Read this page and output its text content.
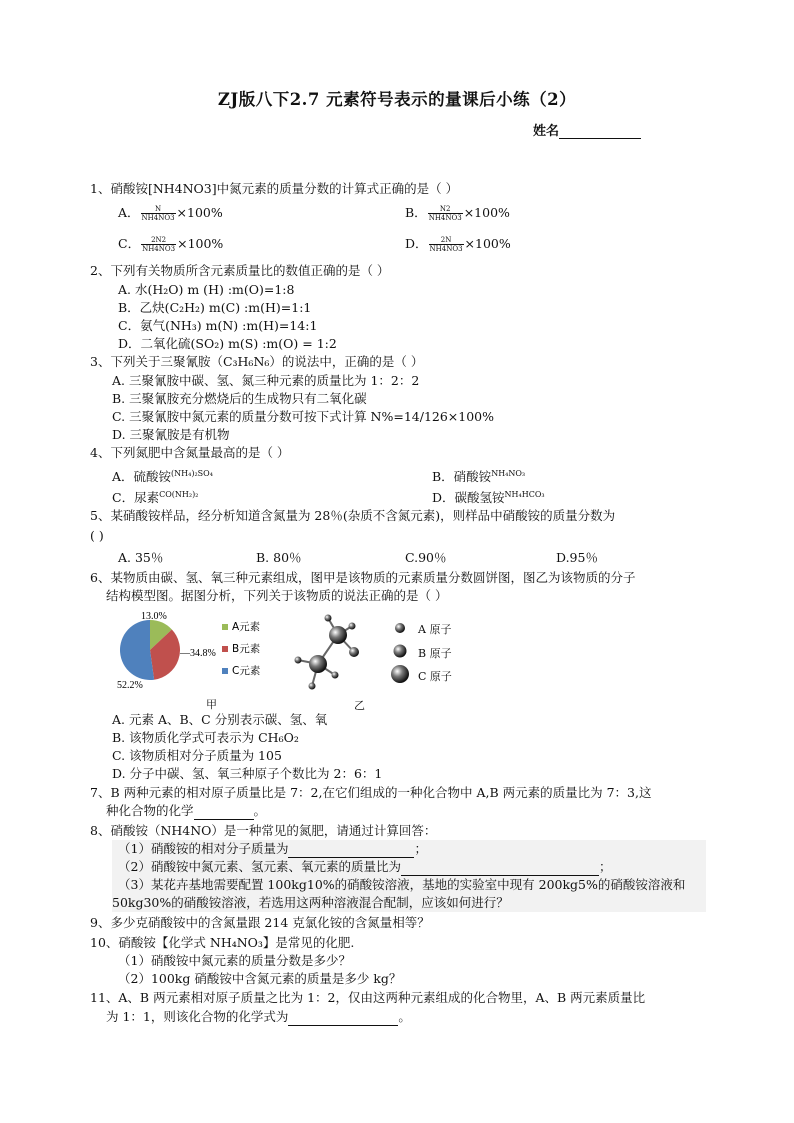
ZJ版八下2.7 元素符号表示的量课后小练（2）
姓名
1、硝酸铵[NH4NO3]中氮元素的质量分数的计算式正确的是（ ）
A． $\frac{N}{NH4NO3} \times 100\%$	B． $\frac{N2}{NH4NO3} \times 100\%$
C． $\frac{2N2}{NH4NO3} \times 100\%$	D． $\frac{2N}{NH4NO3} \times 100\%$
2、下列有关物质所含元素质量比的数值正确的是（ ）
A. 水(H₂O) m (H) :m(O)=1:8
B．乙炔(C₂H₂) m(C) :m(H)=1:1
C．氨气(NH₃) m(N) :m(H)=14:1
D．二氧化硫(SO₂) m(S) :m(O) = 1:2
3、下列关于三聚氰胺（C₃H₆N₆）的说法中，正确的是（ ）
A. 三聚氰胺中碳、氢、氮三种元素的质量比为 1：2：2
B. 三聚氰胺充分燃烧后的生成物只有二氧化碳
C. 三聚氰胺中氮元素的质量分数可按下式计算 N%=14/126×100%
D. 三聚氰胺是有机物
4、下列氮肥中含氮量最高的是（ ）
A．硫酸铵$^{(NH_4)_2SO_4}$	B．硝酸铵$^{NH_4NO_3}$
C．尿素$^{CO(NH_2)_2}$	D．碳酸氢铵$^{NH_4HCO_3}$
5、某硝酸铵样品，经分析知道含氮量为 28％(杂质不含氮元素)，则样品中硝酸铵的质量分数为
( )
A. 35％	B. 80％	C.90％	D.95％
6、某物质由碳、氢、氧三种元素组成，图甲是该物质的元素质量分数圆饼图，图乙为该物质的分子
结构模型图。据图分析，下列关于该物质的说法正确的是（ ）
13.0%
—34.8%
52.2%
A元素
B元素
C元素
甲	乙
A 原子
B 原子
C 原子
A. 元素 A、B、C 分别表示碳、氢、氧
B. 该物质化学式可表示为 CH₆O₂
C. 该物质相对分子质量为 105
D. 分子中碳、氢、氧三种原子个数比为 2：6：1
7、B 两种元素的相对原子质量比是 7：2,在它们组成的一种化合物中 A,B 两元素的质量比为 7：3,这
种化合物的化学	。
8、硝酸铵（NH4NO）是一种常见的氮肥，请通过计算回答：
（1）硝酸铵的相对分子质量为	；
（2）硝酸铵中氮元素、氢元素、氧元素的质量比为	；
（3）某花卉基地需要配置 100kg10%的硝酸铵溶液，基地的实验室中现有 200kg5%的硝酸铵溶液和
50kg30%的硝酸铵溶液，若选用这两种溶液混合配制，应该如何进行？
9、多少克硝酸铵中的含氮量跟 214 克氯化铵的含氮量相等？
10、硝酸铵【化学式 NH₄NO₃】是常见的化肥.
（1）硝酸铵中氮元素的质量分数是多少？
（2）100kg 硝酸铵中含氮元素的质量是多少 kg？
11、A、B 两元素相对原子质量之比为 1：2，仅由这两种元素组成的化合物里，A、B 两元素质量比
为 1：1，则该化合物的化学式为	。
